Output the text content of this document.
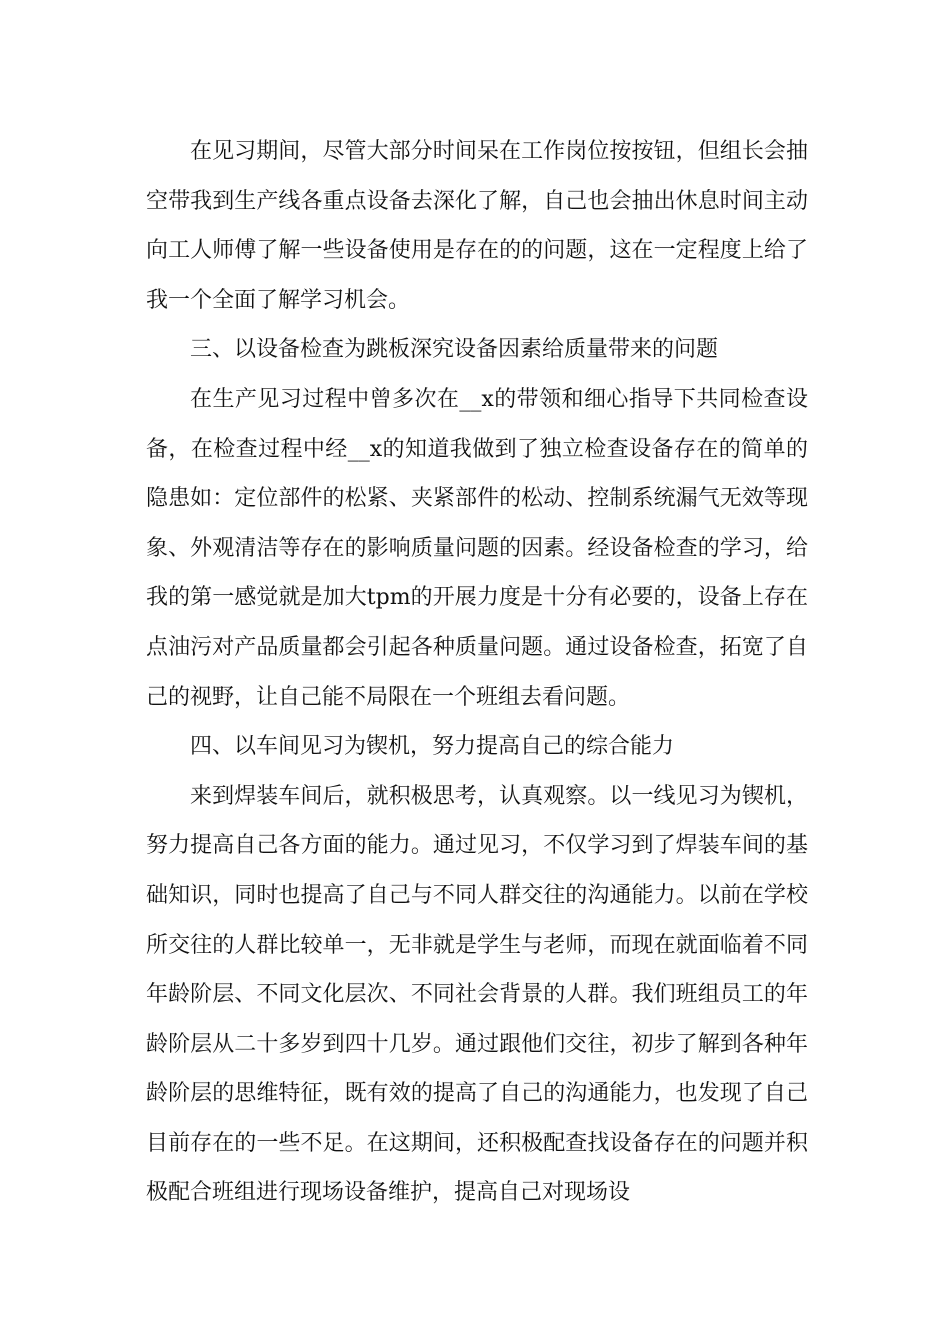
在见习期间，尽管大部分时间呆在工作岗位按按钮，但组长会抽空带我到生产线各重点设备去深化了解，自己也会抽出休息时间主动向工人师傅了解一些设备使用是存在的的问题，这在一定程度上给了我一个全面了解学习机会。

三、以设备检查为跳板深究设备因素给质量带来的问题

在生产见习过程中曾多次在__x的带领和细心指导下共同检查设备，在检查过程中经__x的知道我做到了独立检查设备存在的简单的隐患如：定位部件的松紧、夹紧部件的松动、控制系统漏气无效等现象、外观清洁等存在的影响质量问题的因素。经设备检查的学习，给我的第一感觉就是加大tpm的开展力度是十分有必要的，设备上存在点油污对产品质量都会引起各种质量问题。通过设备检查，拓宽了自己的视野，让自己能不局限在一个班组去看问题。

四、以车间见习为锲机，努力提高自己的综合能力

来到焊装车间后，就积极思考，认真观察。以一线见习为锲机，努力提高自己各方面的能力。通过见习，不仅学习到了焊装车间的基础知识，同时也提高了自己与不同人群交往的沟通能力。以前在学校所交往的人群比较单一，无非就是学生与老师，而现在就面临着不同年龄阶层、不同文化层次、不同社会背景的人群。我们班组员工的年龄阶层从二十多岁到四十几岁。通过跟他们交往，初步了解到各种年龄阶层的思维特征，既有效的提高了自己的沟通能力，也发现了自己目前存在的一些不足。在这期间，还积极配查找设备存在的问题并积极配合班组进行现场设备维护，提高自己对现场设
